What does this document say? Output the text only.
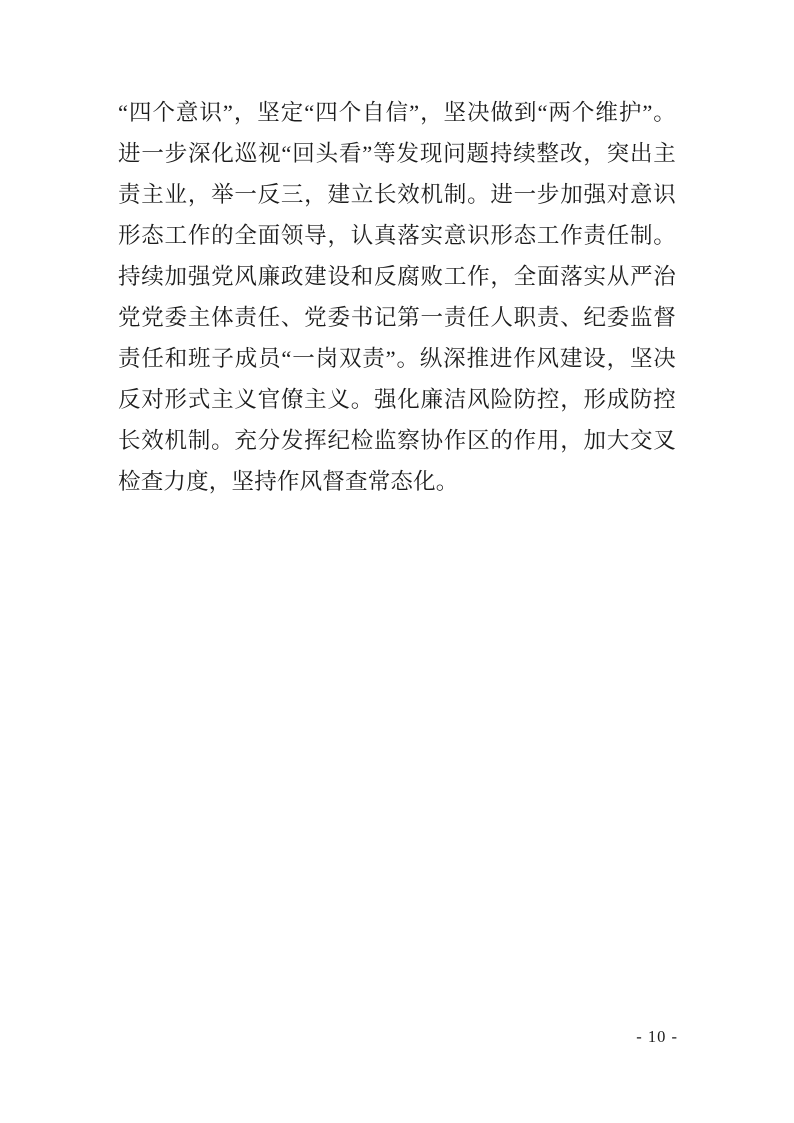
“四个意识”，坚定“四个自信”，坚决做到“两个维护”。进一步深化巡视“回头看”等发现问题持续整改，突出主责主业，举一反三，建立长效机制。进一步加强对意识形态工作的全面领导，认真落实意识形态工作责任制。持续加强党风廉政建设和反腐败工作，全面落实从严治党党委主体责任、党委书记第一责任人职责、纪委监督责任和班子成员“一岗双责”。纵深推进作风建设，坚决反对形式主义官僚主义。强化廉洁风险防控，形成防控长效机制。充分发挥纪检监察协作区的作用，加大交叉检查力度，坚持作风督查常态化。

- 10 -
